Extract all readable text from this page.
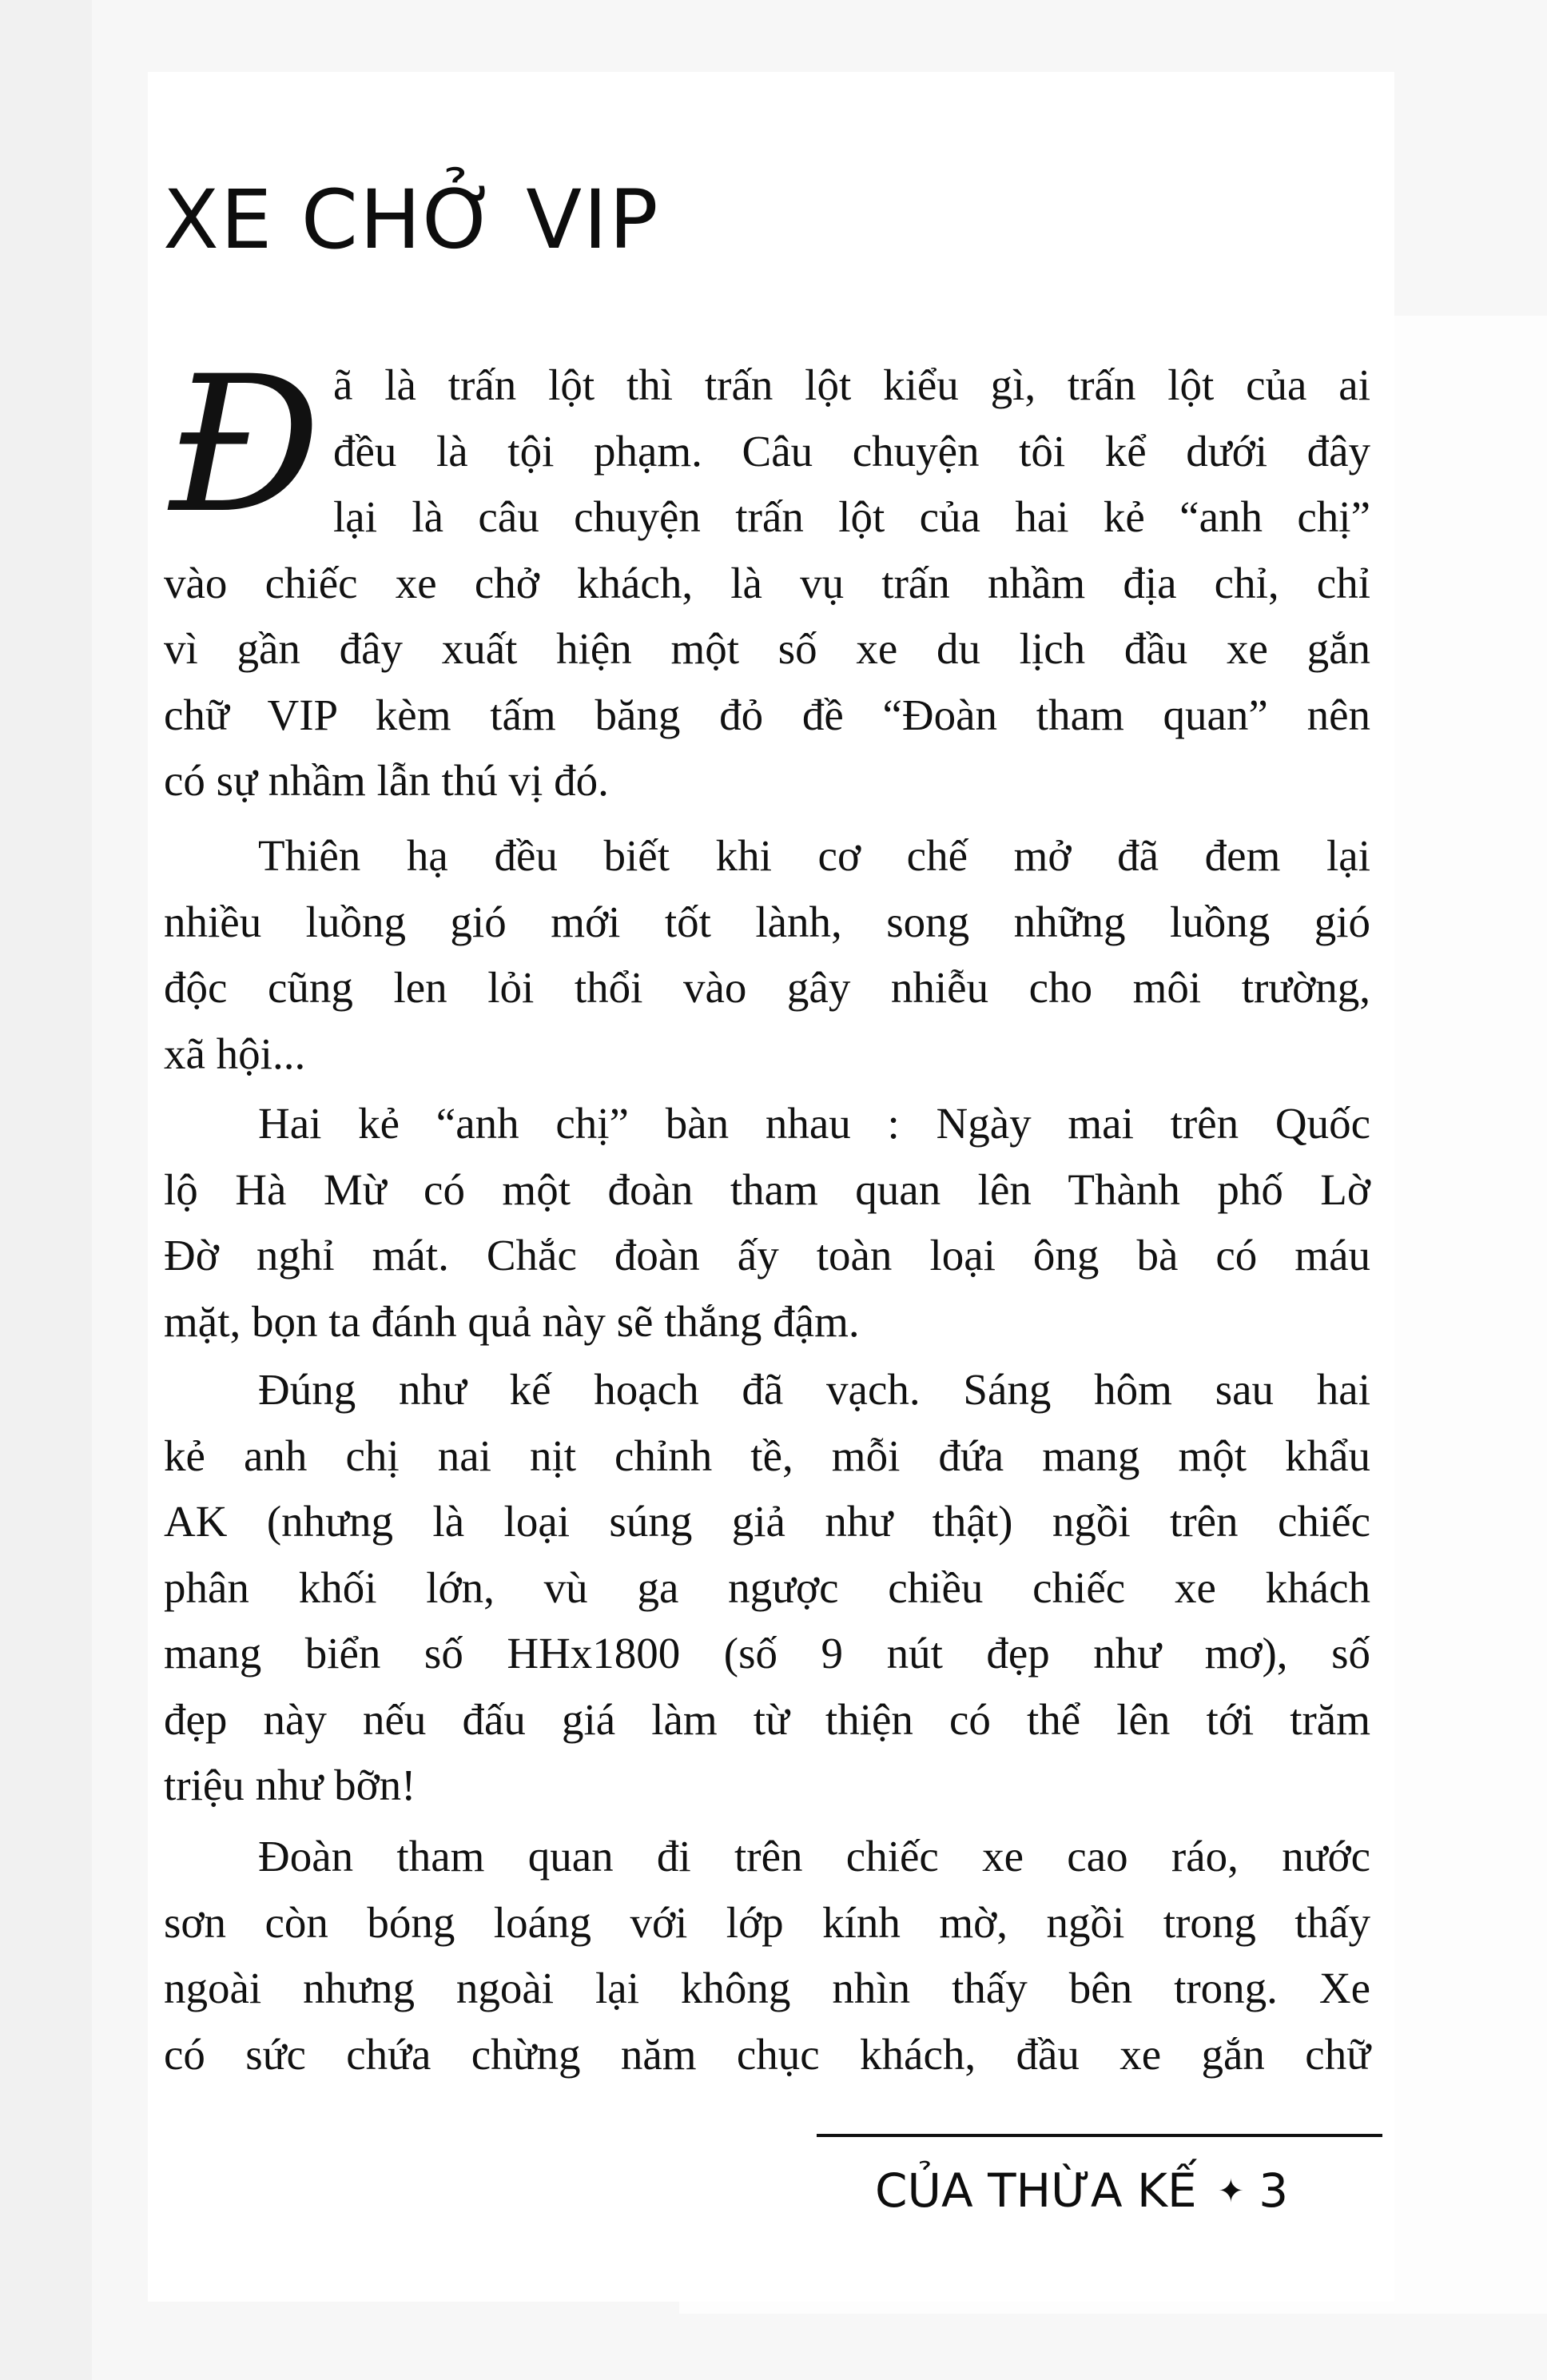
XE CHỞ VIP
Đ ã là trấn lột thì trấn lột kiểu gì, trấn lột của ai
đều là tội phạm. Câu chuyện tôi kể dưới đây
lại là câu chuyện trấn lột của hai kẻ “anh chị”
vào chiếc xe chở khách, là vụ trấn nhầm địa chỉ, chỉ
vì gần đây xuất hiện một số xe du lịch đầu xe gắn
chữ VIP kèm tấm băng đỏ đề “Đoàn tham quan” nên
có sự nhầm lẫn thú vị đó.
Thiên hạ đều biết khi cơ chế mở đã đem lại
nhiều luồng gió mới tốt lành, song những luồng gió
độc cũng len lỏi thổi vào gây nhiễu cho môi trường,
xã hội...
Hai kẻ “anh chị” bàn nhau : Ngày mai trên Quốc
lộ Hà Mừ có một đoàn tham quan lên Thành phố Lờ
Đờ nghỉ mát. Chắc đoàn ấy toàn loại ông bà có máu
mặt, bọn ta đánh quả này sẽ thắng đậm.
Đúng như kế hoạch đã vạch. Sáng hôm sau hai
kẻ anh chị nai nịt chỉnh tề, mỗi đứa mang một khẩu
AK (nhưng là loại súng giả như thật) ngồi trên chiếc
phân khối lớn, vù ga ngược chiều chiếc xe khách
mang biển số HHx1800 (số 9 nút đẹp như mơ), số
đẹp này nếu đấu giá làm từ thiện có thể lên tới trăm
triệu như bỡn!
Đoàn tham quan đi trên chiếc xe cao ráo, nước
sơn còn bóng loáng với lớp kính mờ, ngồi trong thấy
ngoài nhưng ngoài lại không nhìn thấy bên trong. Xe
có sức chứa chừng năm chục khách, đầu xe gắn chữ
CỦA THỪA KẾ ✦ 3
